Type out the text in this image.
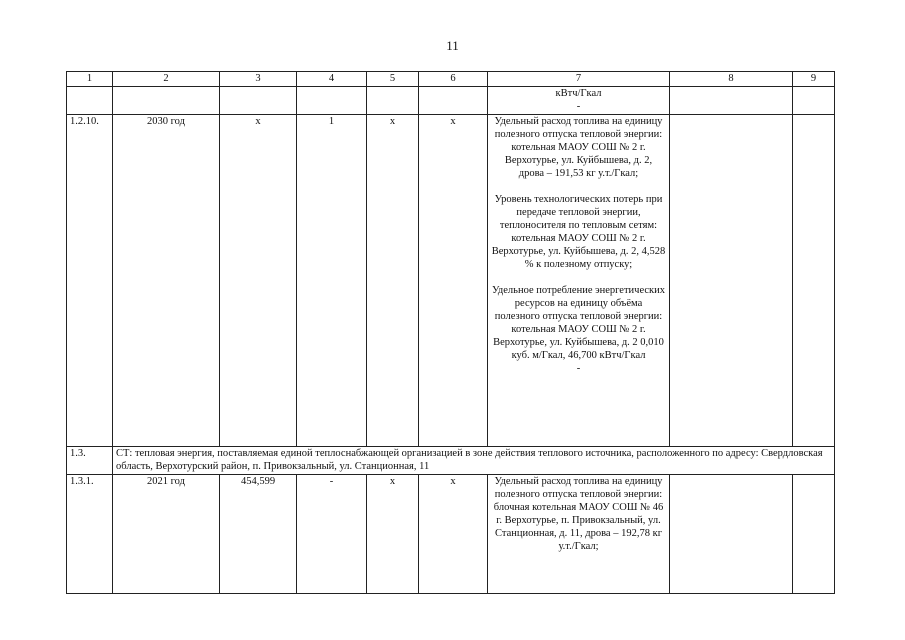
11
1	2	3	4	5	6	7	8	9

						кВтч/Гкал
-		

1.2.10.	2030 год	х	1	х	х	Удельный расход топлива на единицу полезного отпуска тепловой энергии: котельная МАОУ СОШ № 2 г. Верхотурье, ул. Куйбышева, д. 2, дрова – 191,53 кг у.т./Гкал;
Уровень технологических потерь при передаче тепловой энергии, теплоносителя по тепловым сетям: котельная МАОУ СОШ № 2 г. Верхотурье, ул. Куйбышева, д. 2, 4,528 % к полезному отпуску;
Удельное потребление энергетических ресурсов на единицу объёма полезного отпуска тепловой энергии: котельная МАОУ СОШ № 2 г. Верхотурье, ул. Куйбышева, д. 2 0,010 куб. м/Гкал, 46,700 кВтч/Гкал
-		

1.3.	СТ: тепловая энергия, поставляемая единой теплоснабжающей организацией в зоне действия теплового источника, расположенного по адресу: Свердловская область, Верхотурский район, п. Привокзальный, ул. Станционная, 11							
1.3.1.	2021 год	454,599	-	х	х	Удельный расход топлива на единицу полезного отпуска тепловой энергии: блочная котельная МАОУ СОШ № 46 г. Верхотурье, п. Привокзальный, ул. Станционная, д. 11, дрова – 192,78 кг у.т./Гкал;		
